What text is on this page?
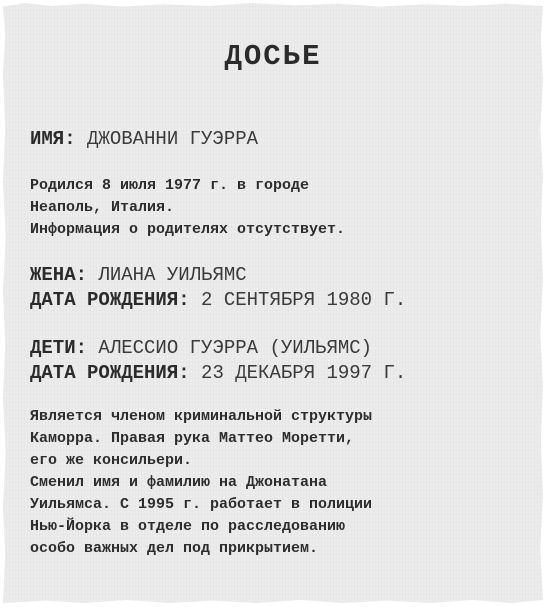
ДОСЬЕ
ИМЯ: ДЖОВАННИ ГУЭРРА
Родился 8 июля 1977 г. в городе
Неаполь, Италия.
Информация о родителях отсутствует.
ЖЕНА: ЛИАНА УИЛЬЯМС
ДАТА РОЖДЕНИЯ: 2 СЕНТЯБРЯ 1980 Г.
ДЕТИ: АЛЕССИО ГУЭРРА (УИЛЬЯМС)
ДАТА РОЖДЕНИЯ: 23 ДЕКАБРЯ 1997 Г.
Является членом криминальной структуры
Каморра. Правая рука Маттео Моретти,
его же консильери.
Сменил имя и фамилию на Джонатана
Уильямса. С 1995 г. работает в полиции
Нью-Йорка в отделе по расследованию
особо важных дел под прикрытием.
